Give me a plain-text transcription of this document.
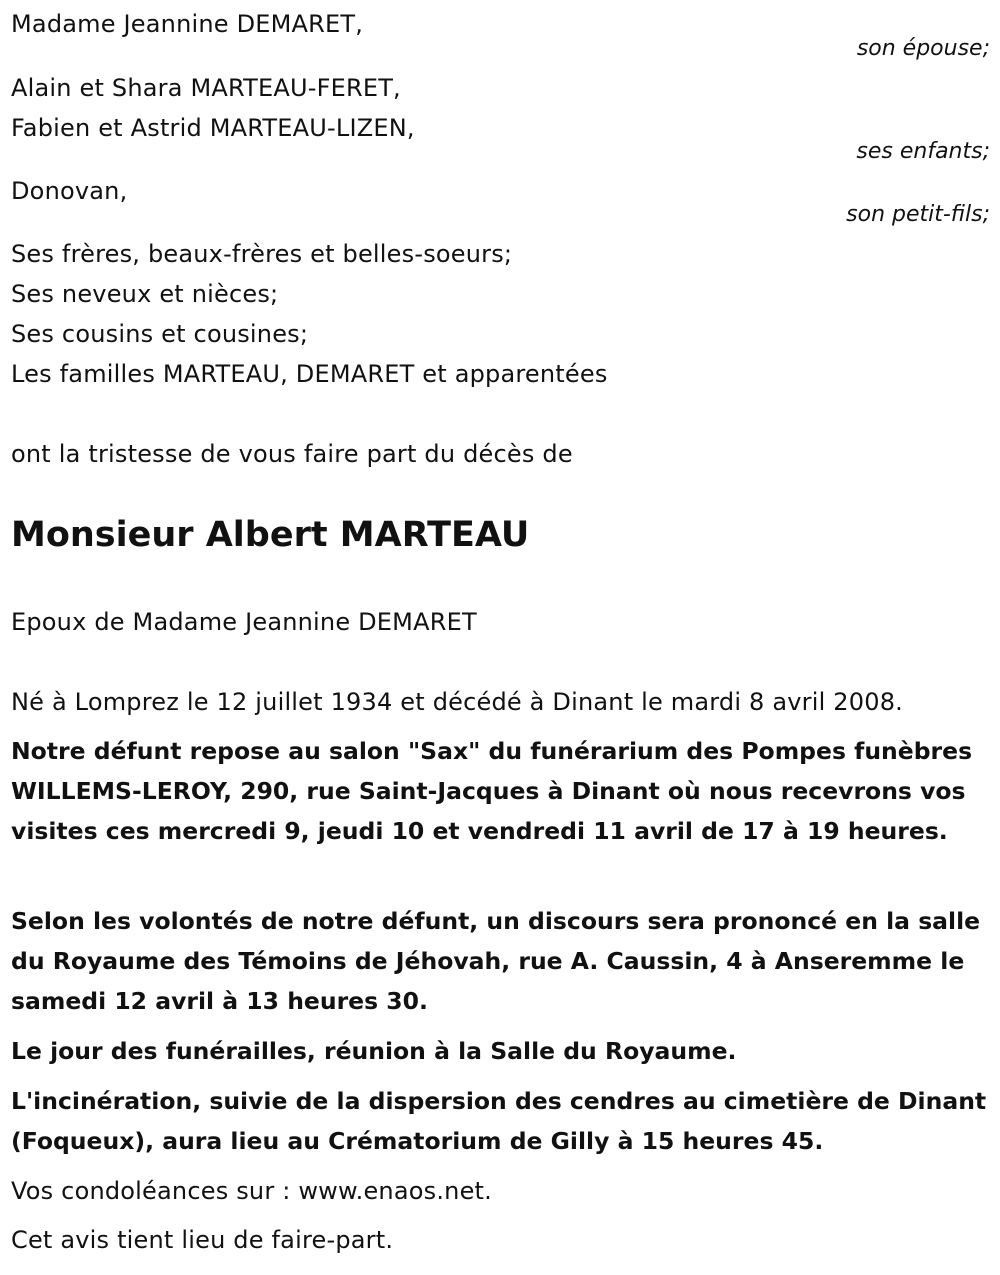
Madame Jeannine DEMARET,
son épouse;
Alain et Shara MARTEAU-FERET,
Fabien et Astrid MARTEAU-LIZEN,
ses enfants;
Donovan,
son petit-fils;
Ses frères, beaux-frères et belles-soeurs;
Ses neveux et nièces;
Ses cousins et cousines;
Les familles MARTEAU, DEMARET et apparentées
ont la tristesse de vous faire part du décès de
Monsieur Albert MARTEAU
Epoux de Madame Jeannine DEMARET
Né à Lomprez le 12 juillet 1934 et décédé à Dinant le mardi 8 avril 2008.
Notre défunt repose au salon "Sax" du funérarium des Pompes funèbres WILLEMS-LEROY, 290, rue Saint-Jacques à Dinant où nous recevrons vos visites ces mercredi 9, jeudi 10 et vendredi 11 avril de 17 à 19 heures.
Selon les volontés de notre défunt, un discours sera prononcé en la salle du Royaume des Témoins de Jéhovah, rue A. Caussin, 4 à Anseremme le samedi 12 avril à 13 heures 30.
Le jour des funérailles, réunion à la Salle du Royaume.
L'incinération, suivie de la dispersion des cendres au cimetière de Dinant (Foqueux), aura lieu au Crématorium de Gilly à 15 heures 45.
Vos condoléances sur : www.enaos.net.
Cet avis tient lieu de faire-part.
